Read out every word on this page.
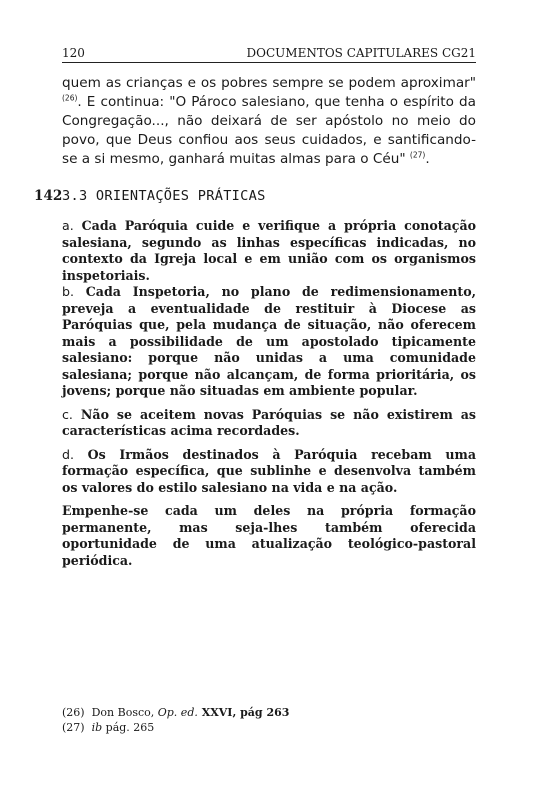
120	DOCUMENTOS CAPITULARES CG21

quem as crianças e os pobres sempre se podem aproximar" $^{(26)}$. E continua: "O Pároco salesiano, que tenha o espírito da Congregação..., não deixará de ser apóstolo no meio do povo, que Deus confiou aos seus cuidados, e santificando-se a si mesmo, ganhará muitas almas para o Céu" $^{(27)}$.

142 3.3 ORIENTAÇÕES PRÁTICAS

a. Cada Paróquia cuide e verifique a própria conotação salesiana, segundo as linhas específicas indicadas, no contexto da Igreja local e em união com os organismos inspetoriais.

b. Cada Inspetoria, no plano de redimensionamento, preveja a eventualidade de restituir à Diocese as Paróquias que, pela mudança de situação, não oferecem mais a possibilidade de um apostolado tipicamente salesiano: porque não unidas a uma comunidade salesiana; porque não alcançam, de forma prioritária, os jovens; porque não situadas em ambiente popular.

c. Não se aceitem novas Paróquias se não existirem as características acima recordades.

d. Os Irmãos destinados à Paróquia recebam uma formação específica, que sublinhe e desenvolva também os valores do estilo salesiano na vida e na ação.

Empenhe-se cada um deles na própria formação permanente, mas seja-lhes também oferecida oportunidade de uma atualização teológico-pastoral periódica.

(26) Don Bosco, Op. ed. XXVI, pág 263
(27) ib pág. 265
